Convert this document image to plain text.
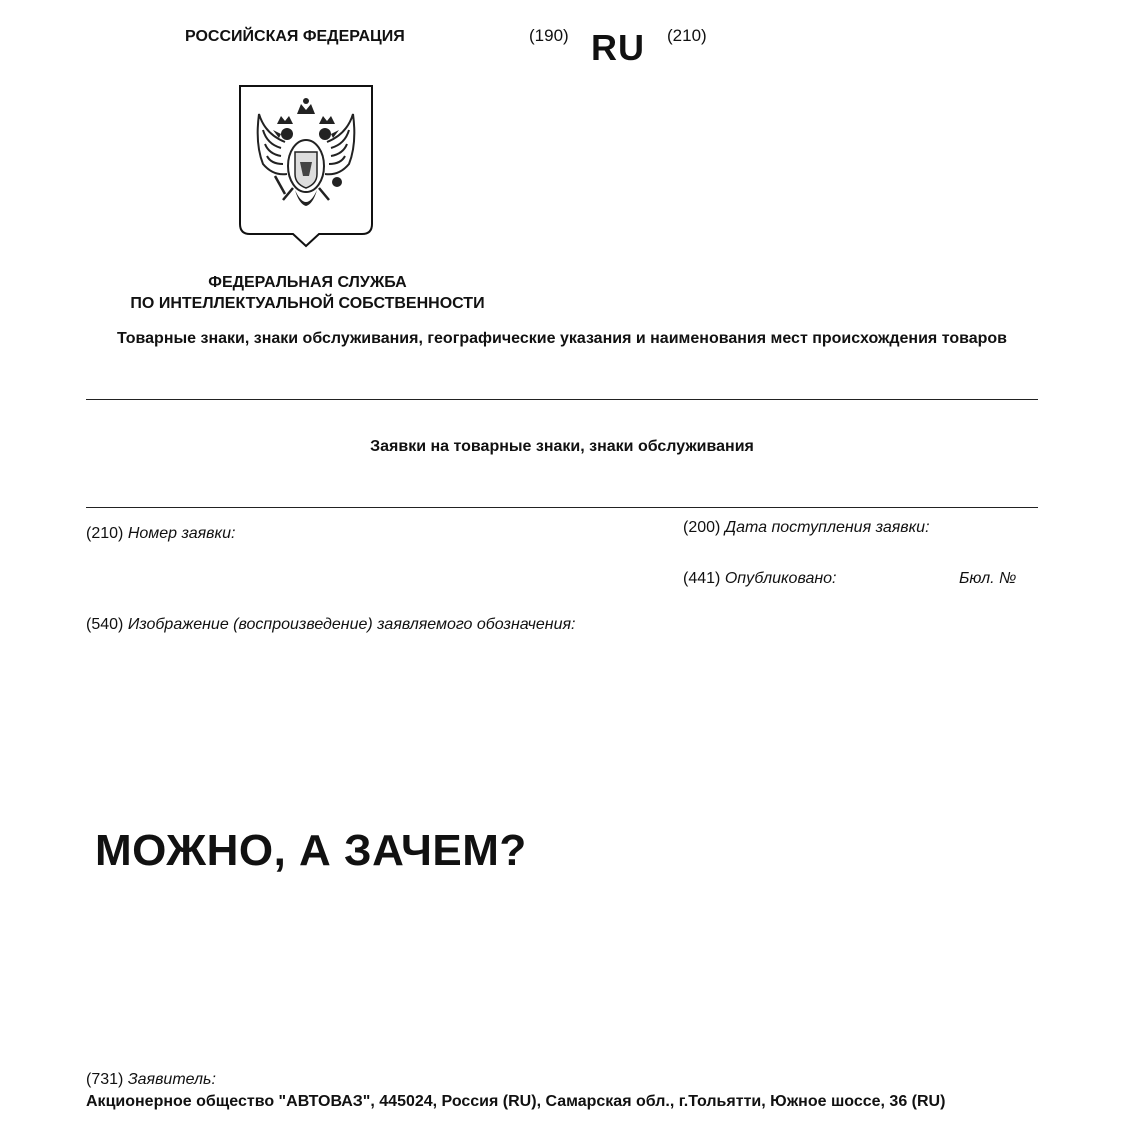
РОССИЙСКАЯ ФЕДЕРАЦИЯ	(190) RU (210)
ФЕДЕРАЛЬНАЯ СЛУЖБА
ПО ИНТЕЛЛЕКТУАЛЬНОЙ СОБСТВЕННОСТИ
Товарные знаки, знаки обслуживания, географические указания и наименования мест происхождения товаров
Заявки на товарные знаки, знаки обслуживания
(210) Номер заявки:	(200) Дата поступления заявки:
(441) Опубликовано:	Бюл. №
(540) Изображение (воспроизведение) заявляемого обозначения:
МОЖНО, А ЗАЧЕМ?
(731) Заявитель:
Акционерное общество "АВТОВАЗ", 445024, Россия (RU), Самарская обл., г.Тольятти, Южное шоссе, 36 (RU)
